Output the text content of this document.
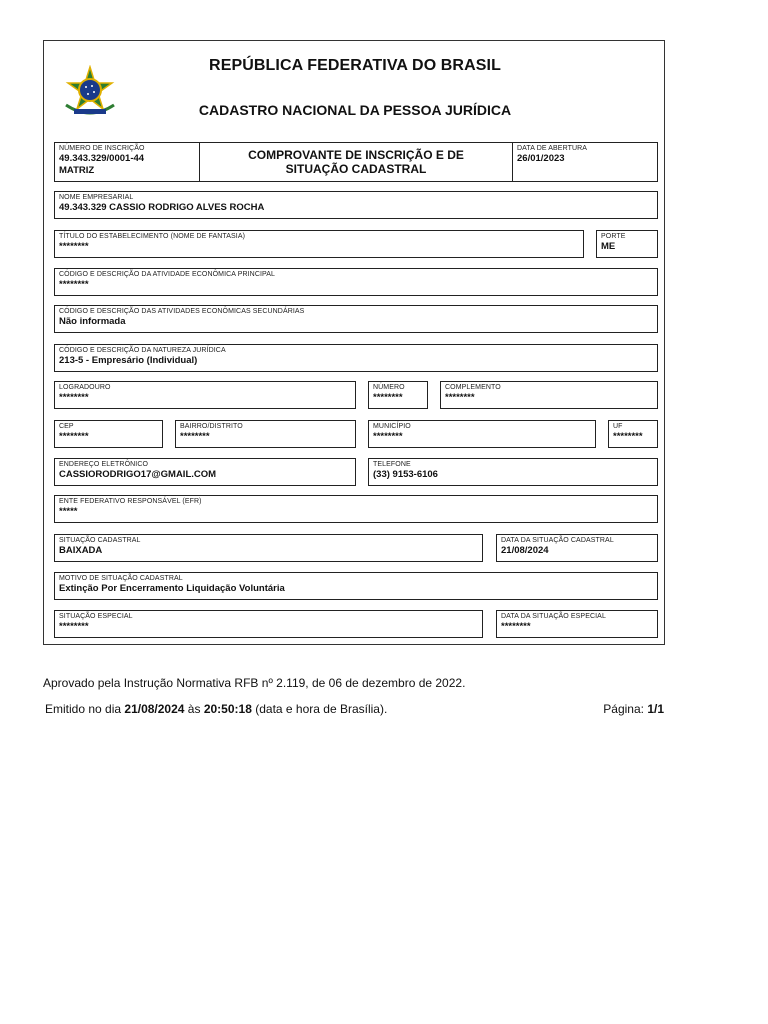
REPÚBLICA FEDERATIVA DO BRASIL
CADASTRO NACIONAL DA PESSOA JURÍDICA
NÚMERO DE INSCRIÇÃO
49.343.329/0001-44
MATRIZ
COMPROVANTE DE INSCRIÇÃO E DE SITUAÇÃO CADASTRAL
DATA DE ABERTURA
26/01/2023
NOME EMPRESARIAL
49.343.329 CASSIO RODRIGO ALVES ROCHA
TÍTULO DO ESTABELECIMENTO (NOME DE FANTASIA)
********
PORTE
ME
CÓDIGO E DESCRIÇÃO DA ATIVIDADE ECONÔMICA PRINCIPAL
********
CÓDIGO E DESCRIÇÃO DAS ATIVIDADES ECONÔMICAS SECUNDÁRIAS
Não informada
CÓDIGO E DESCRIÇÃO DA NATUREZA JURÍDICA
213-5 - Empresário (Individual)
LOGRADOURO
********
NÚMERO
********
COMPLEMENTO
********
CEP
********
BAIRRO/DISTRITO
********
MUNICÍPIO
********
UF
********
ENDEREÇO ELETRÔNICO
CASSIORODRIGO17@GMAIL.COM
TELEFONE
(33) 9153-6106
ENTE FEDERATIVO RESPONSÁVEL (EFR)
*****
SITUAÇÃO CADASTRAL
BAIXADA
DATA DA SITUAÇÃO CADASTRAL
21/08/2024
MOTIVO DE SITUAÇÃO CADASTRAL
Extinção Por Encerramento Liquidação Voluntária
SITUAÇÃO ESPECIAL
********
DATA DA SITUAÇÃO ESPECIAL
********
Aprovado pela Instrução Normativa RFB nº 2.119, de 06 de dezembro de 2022.
Emitido no dia 21/08/2024 às 20:50:18 (data e hora de Brasília).	Página: 1/1
